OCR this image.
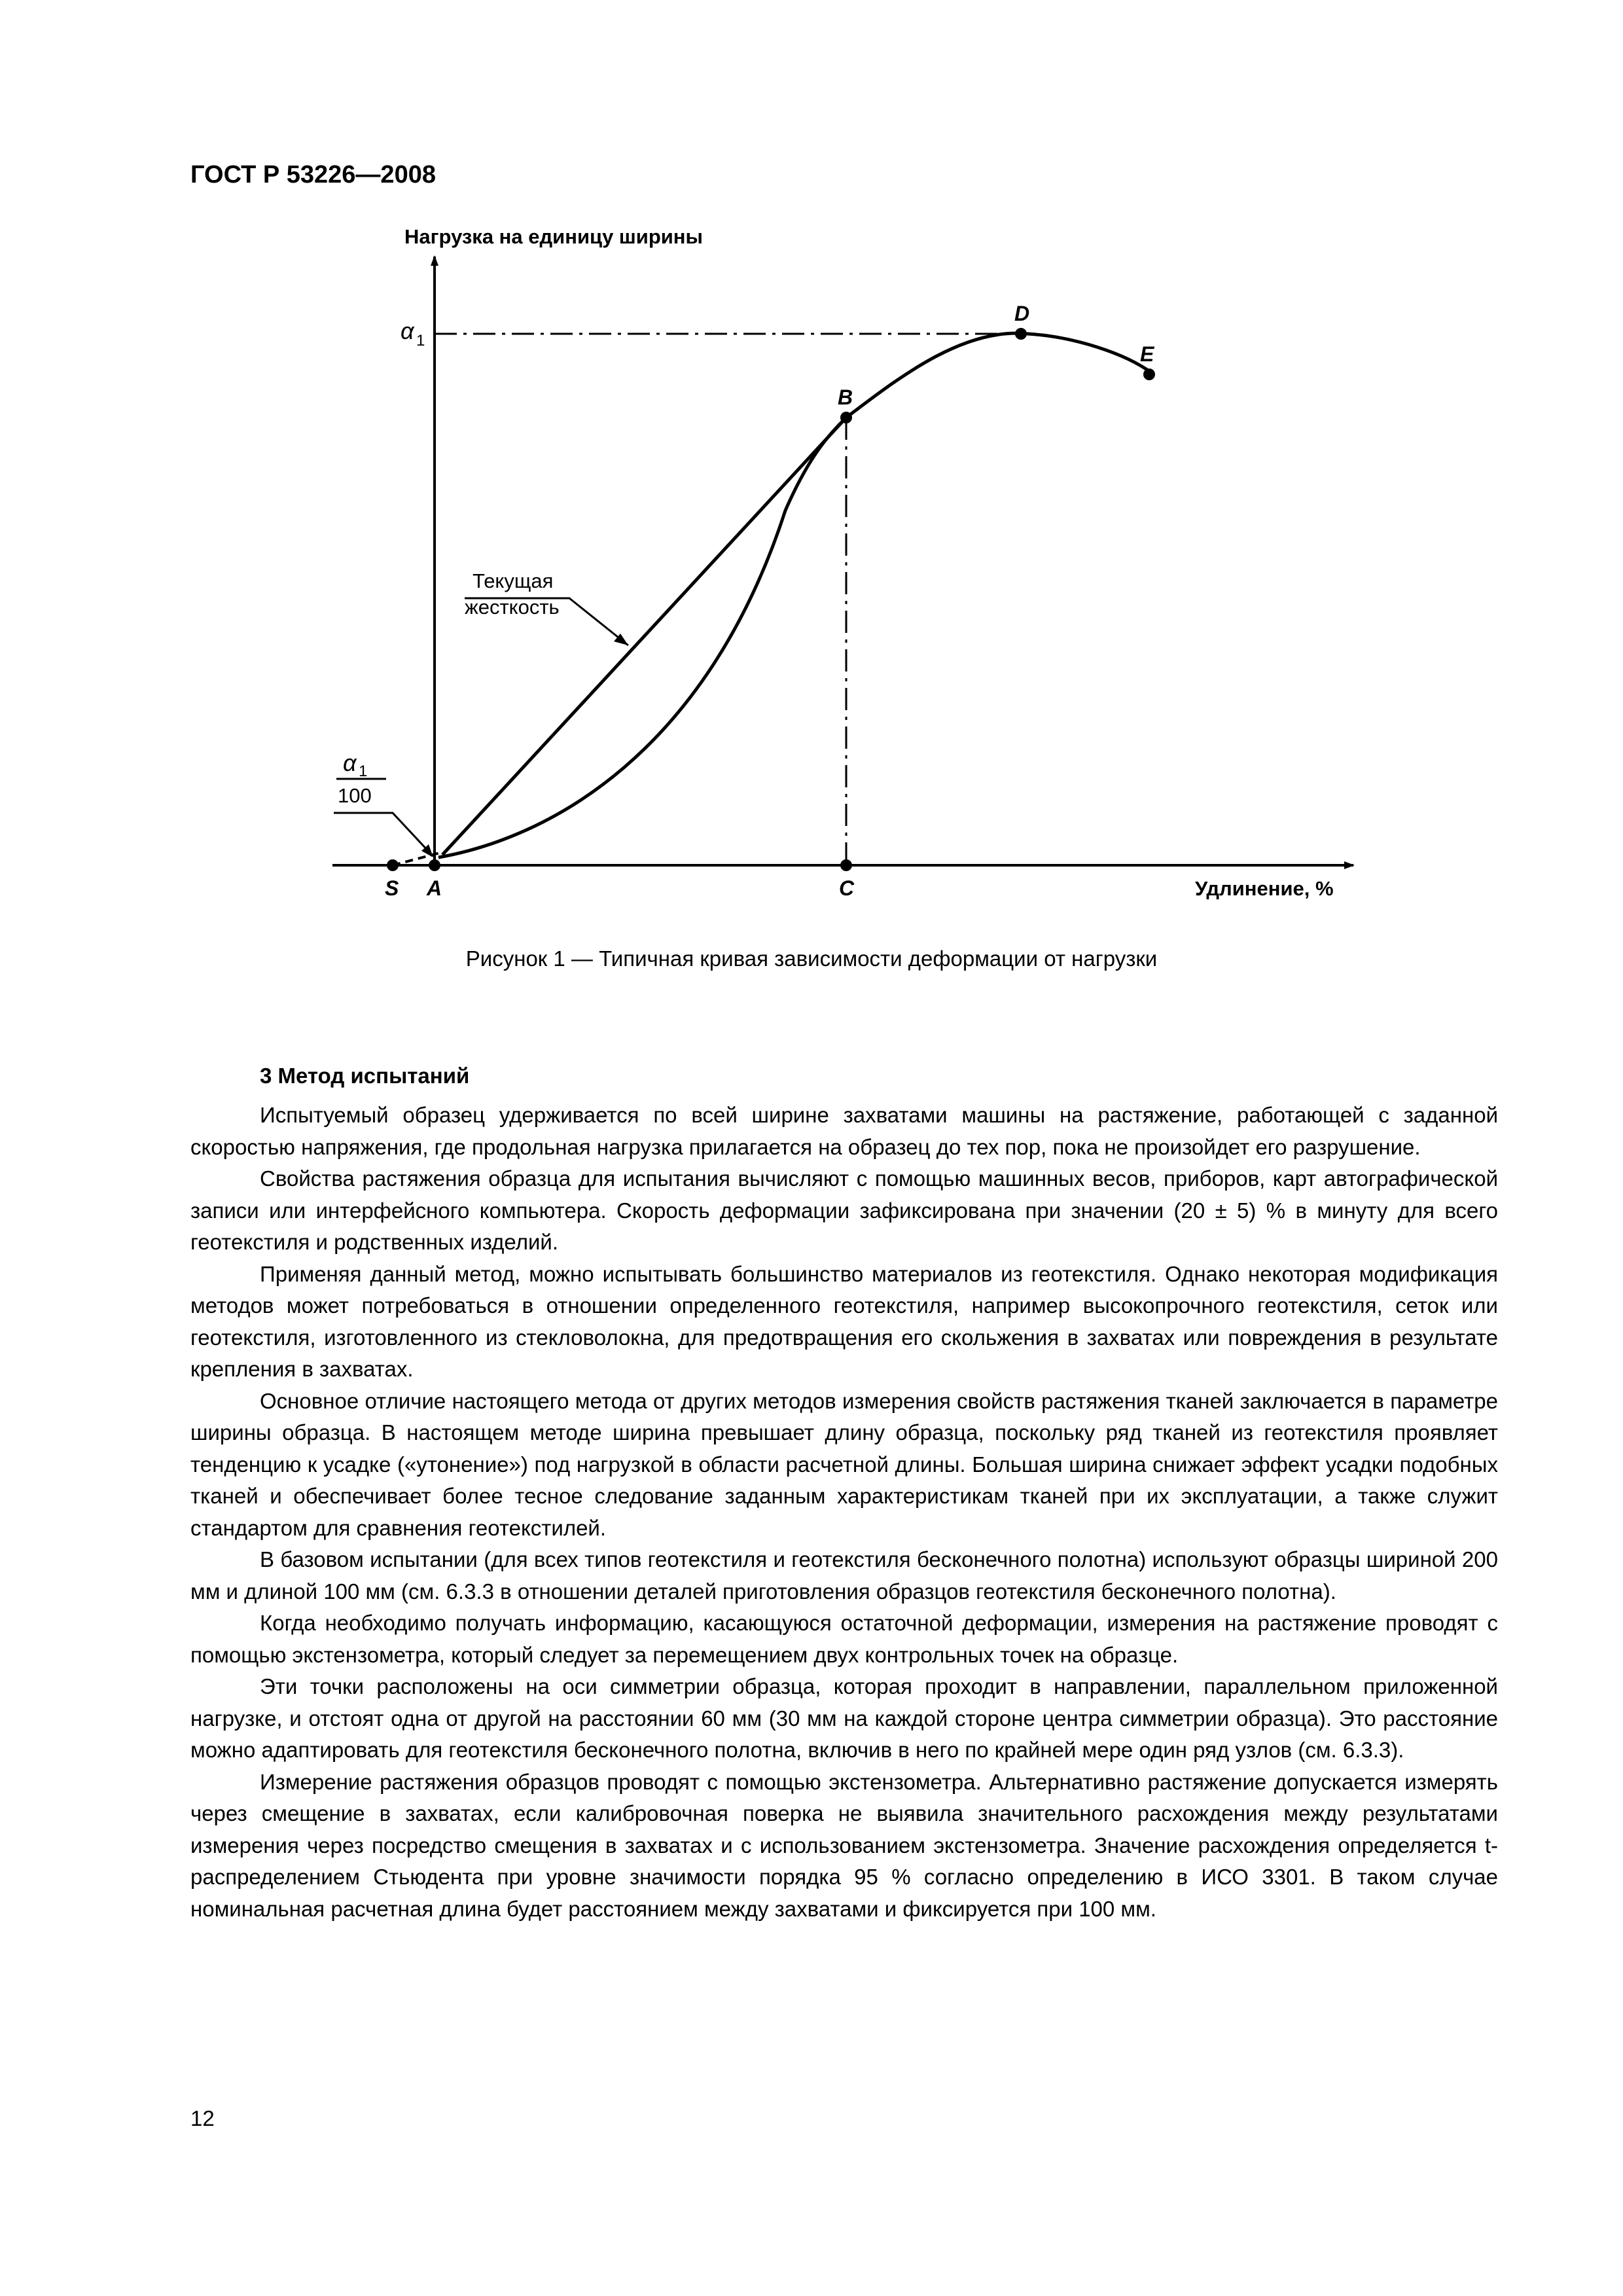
ГОСТ Р 53226—2008
Нагрузка на единицу ширины
Удлинение, %
α 1
α 1
100
Текущая
жесткость
S A	C
B
D
E
Рисунок 1 — Типичная кривая зависимости деформации от нагрузки
3 Метод испытаний

Испытуемый образец удерживается по всей ширине захватами машины на растяжение, работающей с заданной скоростью напряжения, где продольная нагрузка прилагается на образец до тех пор, пока не произойдет его разрушение.

Свойства растяжения образца для испытания вычисляют с помощью машинных весов, приборов, карт автографической записи или интерфейсного компьютера. Скорость деформации зафиксирована при значении (20 ± 5) % в минуту для всего геотекстиля и родственных изделий.

Применяя данный метод, можно испытывать большинство материалов из геотекстиля. Однако некоторая модификация методов может потребоваться в отношении определенного геотекстиля, например высокопрочного геотекстиля, сеток или геотекстиля, изготовленного из стекловолокна, для предотвращения его скольжения в захватах или повреждения в результате крепления в захватах.

Основное отличие настоящего метода от других методов измерения свойств растяжения тканей заключается в параметре ширины образца. В настоящем методе ширина превышает длину образца, поскольку ряд тканей из геотекстиля проявляет тенденцию к усадке («утонение») под нагрузкой в области расчетной длины. Большая ширина снижает эффект усадки подобных тканей и обеспечивает более тесное следование заданным характеристикам тканей при их эксплуатации, а также служит стандартом для сравнения геотекстилей.

В базовом испытании (для всех типов геотекстиля и геотекстиля бесконечного полотна) используют образцы шириной 200 мм и длиной 100 мм (см. 6.3.3 в отношении деталей приготовления образцов геотекстиля бесконечного полотна).

Когда необходимо получать информацию, касающуюся остаточной деформации, измерения на растяжение проводят с помощью экстензометра, который следует за перемещением двух контрольных точек на образце.

Эти точки расположены на оси симметрии образца, которая проходит в направлении, параллельном приложенной нагрузке, и отстоят одна от другой на расстоянии 60 мм (30 мм на каждой стороне центра симметрии образца). Это расстояние можно адаптировать для геотекстиля бесконечного полотна, включив в него по крайней мере один ряд узлов (см. 6.3.3).

Измерение растяжения образцов проводят с помощью экстензометра. Альтернативно растяжение допускается измерять через смещение в захватах, если калибровочная поверка не выявила значительного расхождения между результатами измерения через посредство смещения в захватах и с использованием экстензометра. Значение расхождения определяется t-распределением Стьюдента при уровне значимости порядка 95 % согласно определению в ИСО 3301. В таком случае номинальная расчетная длина будет расстоянием между захватами и фиксируется при 100 мм.

12
